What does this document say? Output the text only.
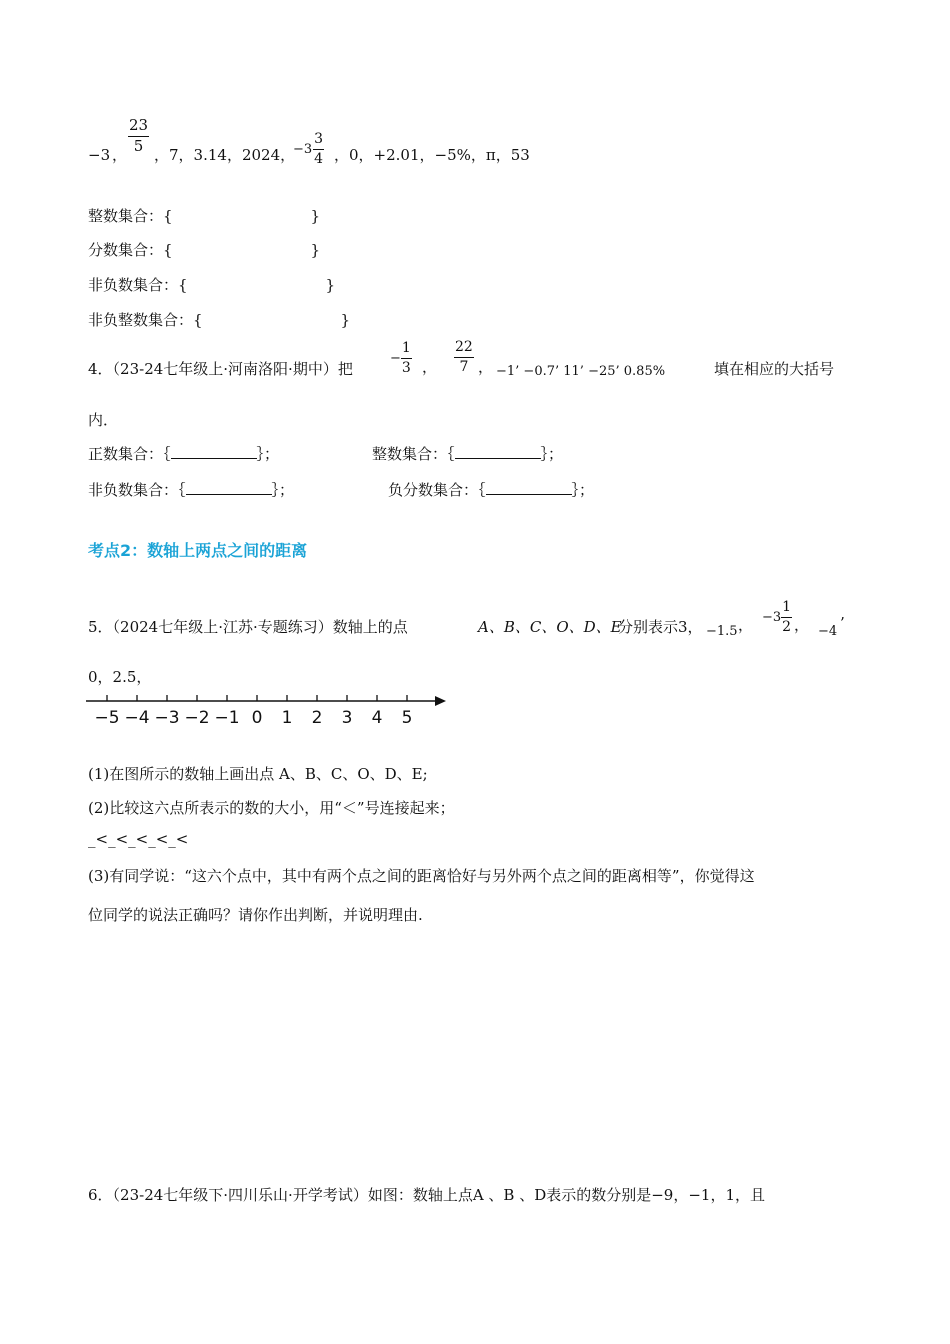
−3 ，
$\frac{23}{5}$
，7，3.14，2024，
$-3 \frac{3}{4}$ ，0，+2.01，−5%，π，53
整数集合：{	}
分数集合：{	}
非负数集合：{	}
非负整数集合：{	}
4．（23-24七年级上·河南洛阳·期中）把
− $\frac{1}{3}$ ， $\frac{22}{7}$ ， −1’ −0.7’ 11’ −25’ 0.85%	填在相应的大括号
内．
正数集合：｛	｝；	整数集合：｛	｝；
非负数集合：｛	｝；	负分数集合：｛	｝；
考点2：数轴上两点之间的距离
5．（2024七年级上·江苏·专题练习）数轴上的点	A、B、C、O、D、E
分别表示3， −1.5 ， $-3 \frac{1}{2}$ ， −4 ’
0，2.5，
−5 −4 −3 −2 −1 0 1 2 3 4 5
(1)在图所示的数轴上画出点 A、B、C、O、D、E;
(2)比较这六点所表示的数的大小，用“＜”号连接起来；
_<_<_<_<_<
(3)有同学说：“这六个点中，其中有两个点之间的距离恰好与另外两个点之间的距离相等”，你觉得这
位同学的说法正确吗？请你作出判断，并说明理由.
6．（23-24七年级下·四川乐山·开学考试）如图：数轴上点A 、B 、D表示的数分别是−9，−1，1，且
